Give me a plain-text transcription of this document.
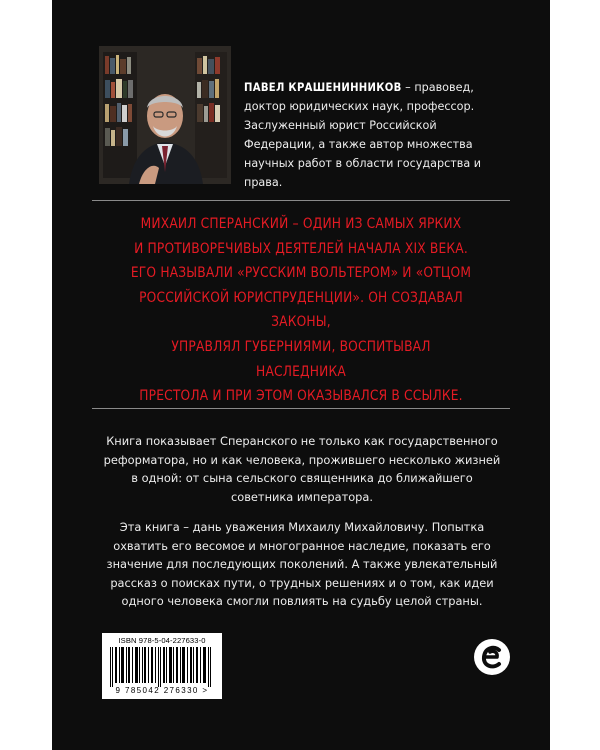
ПАВЕЛ КРАШЕНИННИКОВ – правовед, доктор юридических наук, профессор. Заслуженный юрист Российской Федерации, а также автор множества научных работ в области государства и права.

МИХАИЛ СПЕРАНСКИЙ – ОДИН ИЗ САМЫХ ЯРКИХ
И ПРОТИВОРЕЧИВЫХ ДЕЯТЕЛЕЙ НАЧАЛА XIX ВЕКА.
ЕГО НАЗЫВАЛИ «РУССКИМ ВОЛЬТЕРОМ» И «ОТЦОМ
РОССИЙСКОЙ ЮРИСПРУДЕНЦИИ». ОН СОЗДАВАЛ ЗАКОНЫ,
УПРАВЛЯЛ ГУБЕРНИЯМИ, ВОСПИТЫВАЛ НАСЛЕДНИКА
ПРЕСТОЛА И ПРИ ЭТОМ ОКАЗЫВАЛСЯ В ССЫЛКЕ.

Книга показывает Сперанского не только как государственного реформатора, но и как человека, прожившего несколько жизней в одной: от сына сельского священника до ближайшего советника императора.

Эта книга – дань уважения Михаилу Михайловичу. Попытка охватить его весомое и многогранное наследие, показать его значение для последующих поколений. А также увлекательный рассказ о поисках пути, о трудных решениях и о том, как идеи одного человека смогли повлиять на судьбу целой страны.

ISBN 978-5-04-227633-0
9 785042 276330 >
